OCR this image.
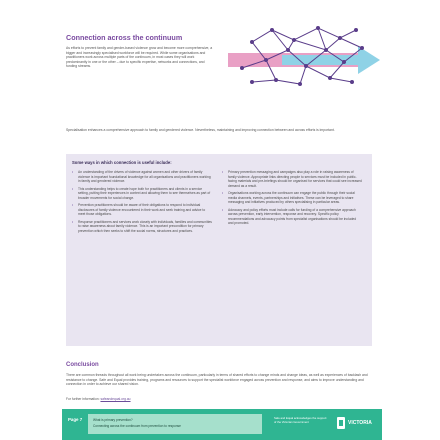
Connection across the continuum
As efforts to prevent family and gender-based violence grow and become more comprehensive, a bigger and increasingly specialised workforce will be required. While some organisations and practitioners work across multiple parts of the continuum, in most cases they will work predominantly in one or the other – due to specific expertise, networks and connections, and funding streams.
Specialisation enhances a comprehensive approach to family and gendered violence. Nevertheless, maintaining and improving connection between and across efforts is important.
Some ways in which connection is useful include:
• An understanding of the drivers of violence against women and other drivers of family violence is important foundational knowledge for all organisations and practitioners working in family and gendered violence.
• This understanding helps to create hope both for practitioners and clients in a service setting, putting their experiences in context and allowing them to see themselves as part of broader movements for social change.
• Prevention practitioners should be aware of their obligations to respond to individual disclosures of family violence encountered in their work and seek training and advice to meet those obligations.
• Response practitioners and services work closely with individuals, families and communities to raise awareness about family violence. This is an important precondition for primary prevention which then seeks to shift the social norms, structures and practices.
• Primary prevention messaging and campaigns also play a role in raising awareness of family violence. Appropriate links directing people to services must be included in public-facing materials and pre-briefings should be organised for services that could see increased demand as a result.
• Organisations working across the continuum can engage the public through their social media channels, events, partnerships and initiatives. These can be leveraged to share messaging and initiatives produced by others specialising in particular areas.
• Advocacy and policy efforts must include calls for funding of a comprehensive approach across prevention, early intervention, response and recovery. Specific policy recommendations and advocacy points from specialist organisations should be included and promoted.
Conclusion
There are common threads throughout all work being undertaken across the continuum, particularly in terms of shared efforts to change minds and change ideas, as well as experiences of backlash and resistance to change. Safe and Equal provides training, programs and resources to support the specialist workforce engaged across prevention and response, and aims to improve understanding and connection in order to achieve our shared vision.
For further information: safeandequal.org.au
Page 7	What is primary prevention?
Connecting across the continuum from prevention to response
Safe and Equal acknowledges the support of the Victorian Government	VICTORIA
